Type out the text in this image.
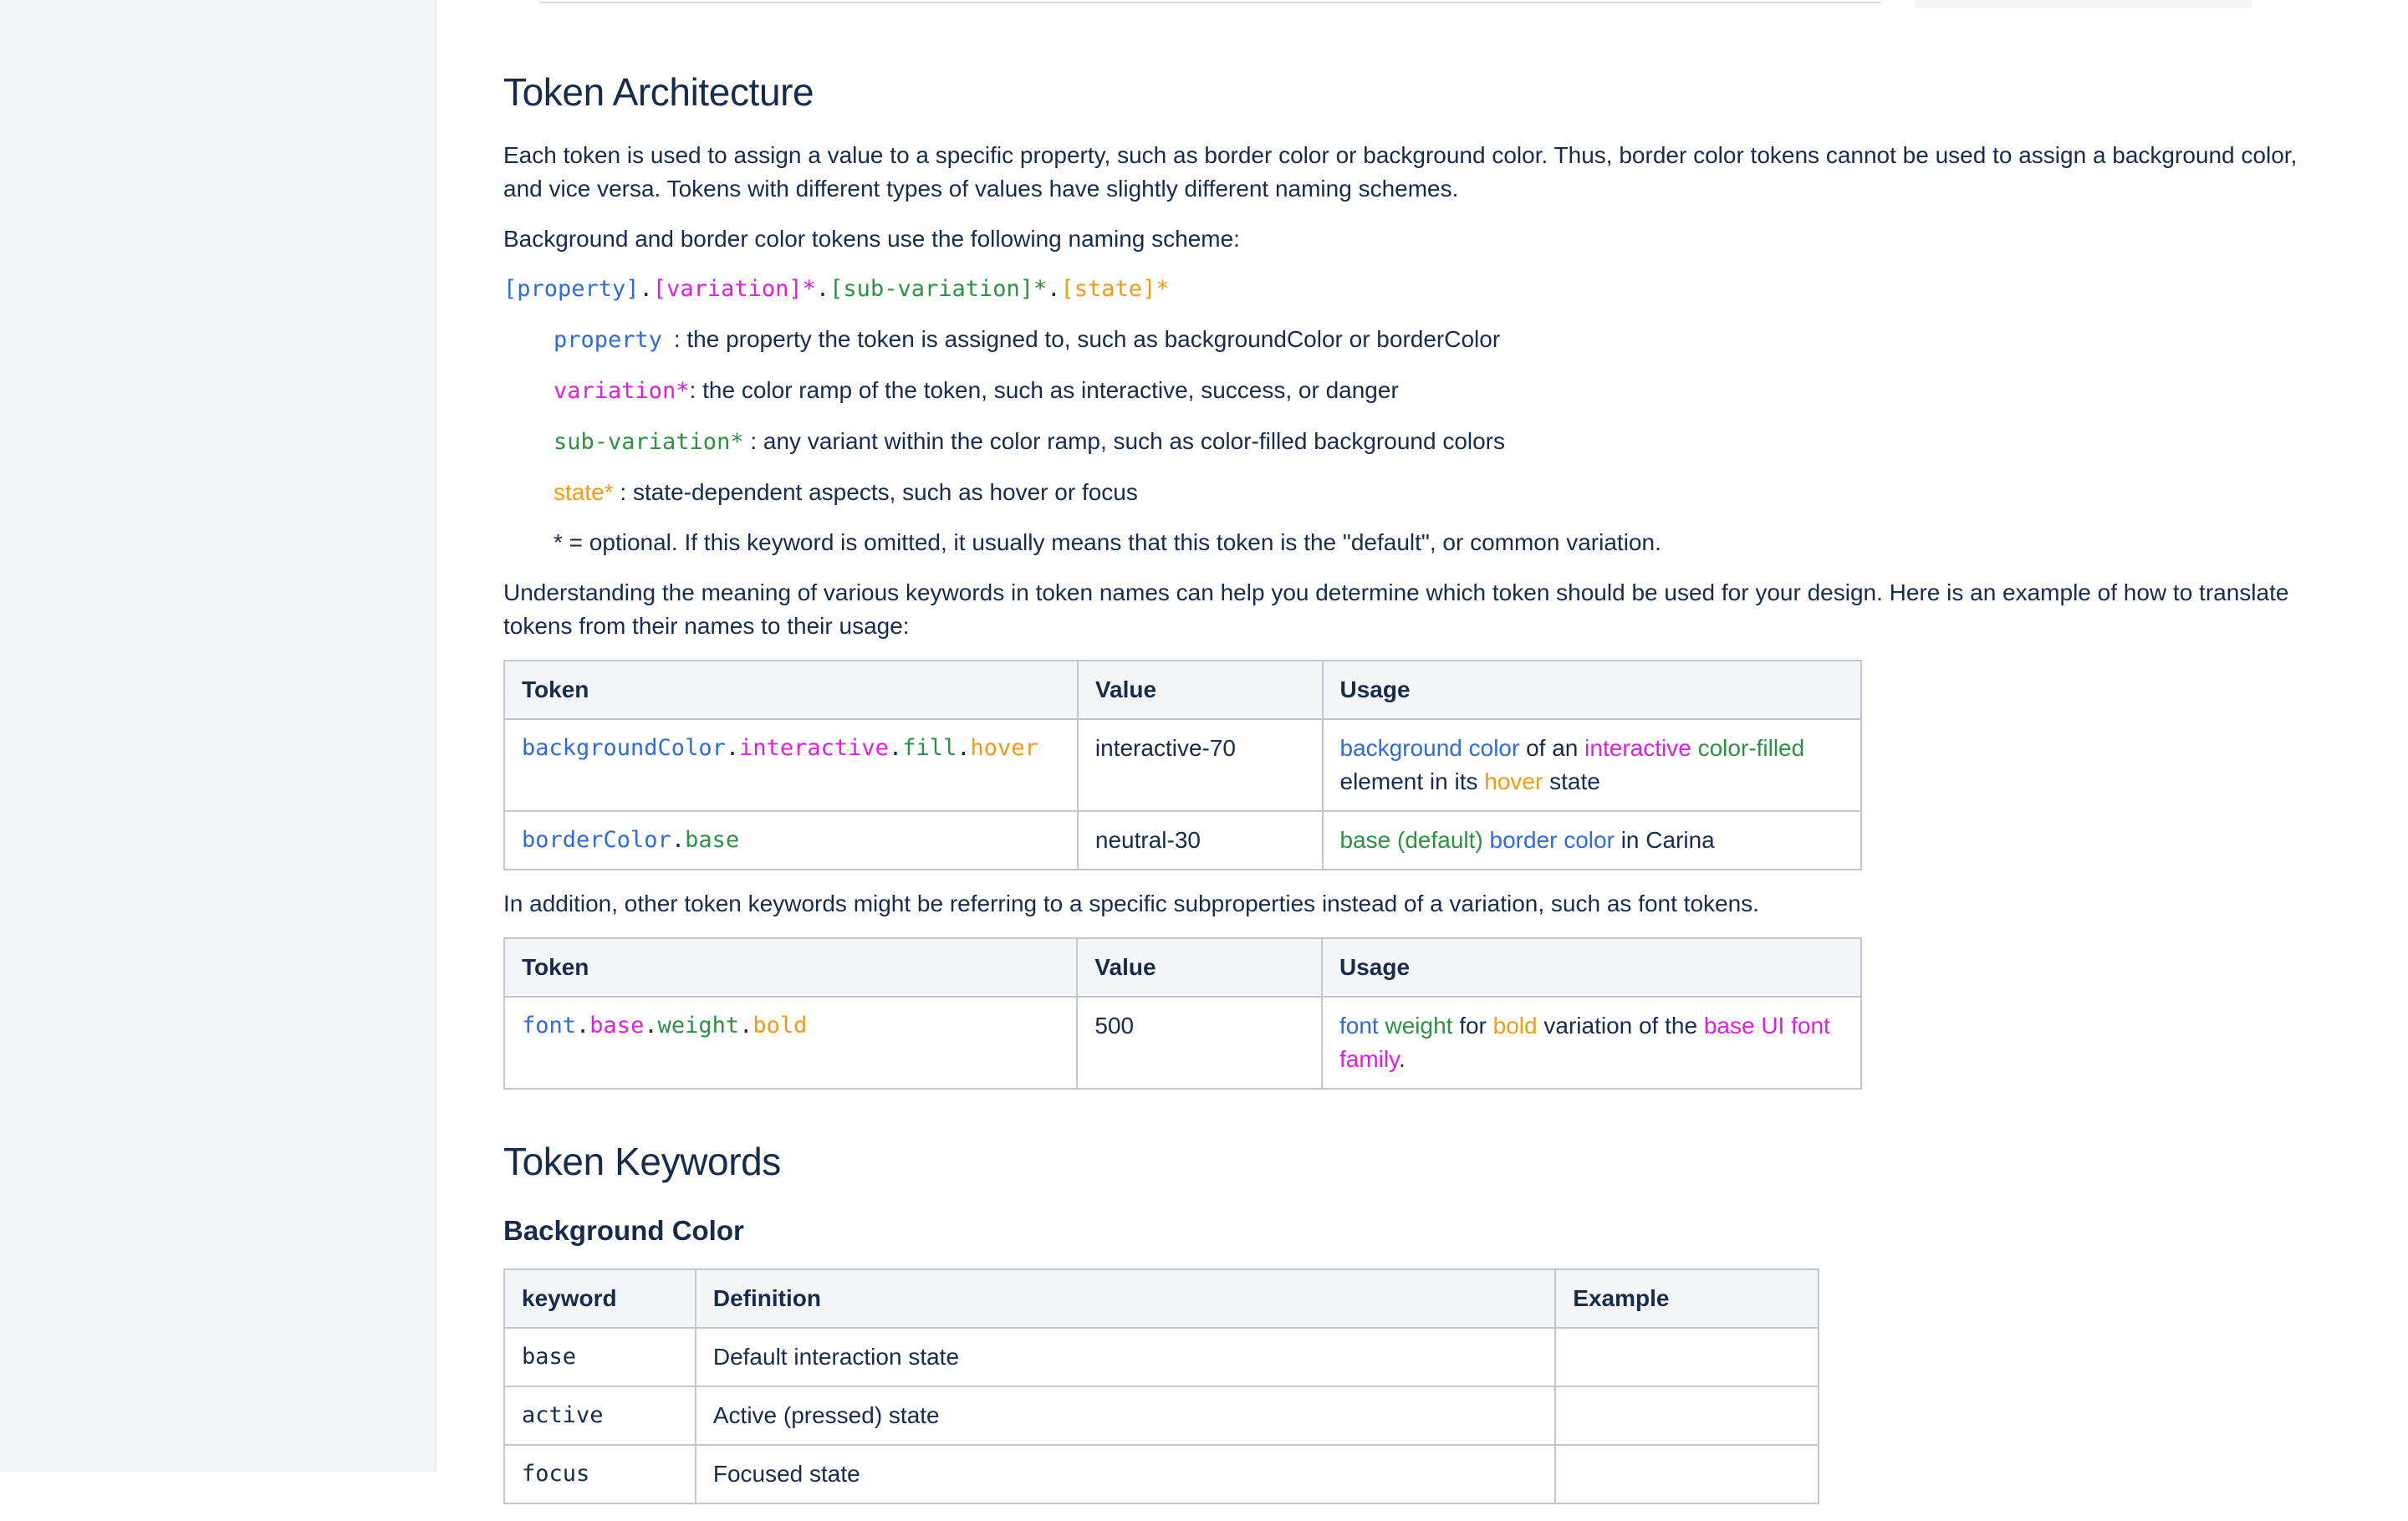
Token Architecture

Each token is used to assign a value to a specific property, such as border color or background color. Thus, border color tokens cannot be used to assign a background color, and vice versa. Tokens with different types of values have slightly different naming schemes.

Background and border color tokens use the following naming scheme:

[property].[variation]*.[sub-variation]*.[state]*
property : the property the token is assigned to, such as backgroundColor or borderColor
variation*: the color ramp of the token, such as interactive, success, or danger
sub-variation* : any variant within the color ramp, such as color-filled background colors
state* : state-dependent aspects, such as hover or focus
* = optional. If this keyword is omitted, it usually means that this token is the "default", or common variation.

Understanding the meaning of various keywords in token names can help you determine which token should be used for your design. Here is an example of how to translate tokens from their names to their usage:

Token	Value	Usage
backgroundColor.interactive.fill.hover	interactive-70	background color of an interactive color-filled element in its hover state
borderColor.base	neutral-30	base (default) border color in Carina

In addition, other token keywords might be referring to a specific subproperties instead of a variation, such as font tokens.

Token	Value	Usage
font.base.weight.bold	500	font weight for bold variation of the base UI font family.
Token Keywords
Background Color
keyword	Definition	Example
base	Default interaction state	
active	Active (pressed) state	
focus	Focused state	
